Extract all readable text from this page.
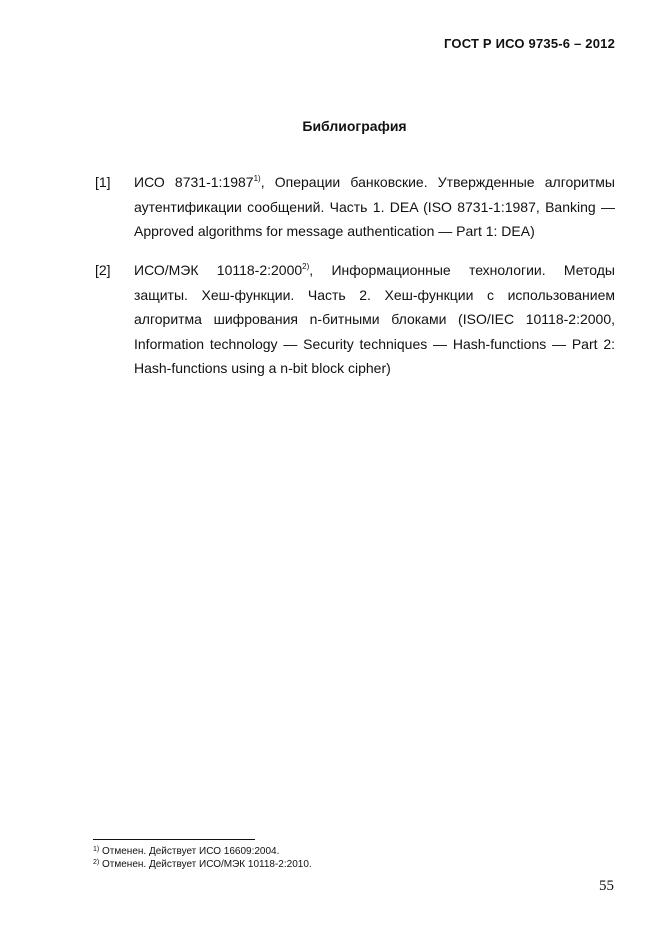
ГОСТ Р ИСО 9735-6 – 2012
Библиография
[1] ИСО 8731-1:1987$^{1)}$, Операции банковские. Утвержденные алгоритмы аутентификации сообщений. Часть 1. DEA (ISO 8731-1:1987, Banking — Approved algorithms for message authentication — Part 1: DEA)
[2] ИСО/МЭК 10118-2:2000$^{2)}$, Информационные технологии. Методы защиты. Хеш-функции. Часть 2. Хеш-функции с использованием алгоритма шифрования n-битными блоками (ISO/IEC 10118-2:2000, Information technology — Security techniques — Hash-functions — Part 2: Hash-functions using a n-bit block cipher)
$^{1)}$ Отменен. Действует ИСО 16609:2004.
$^{2)}$ Отменен. Действует ИСО/МЭК 10118-2:2010.
55
